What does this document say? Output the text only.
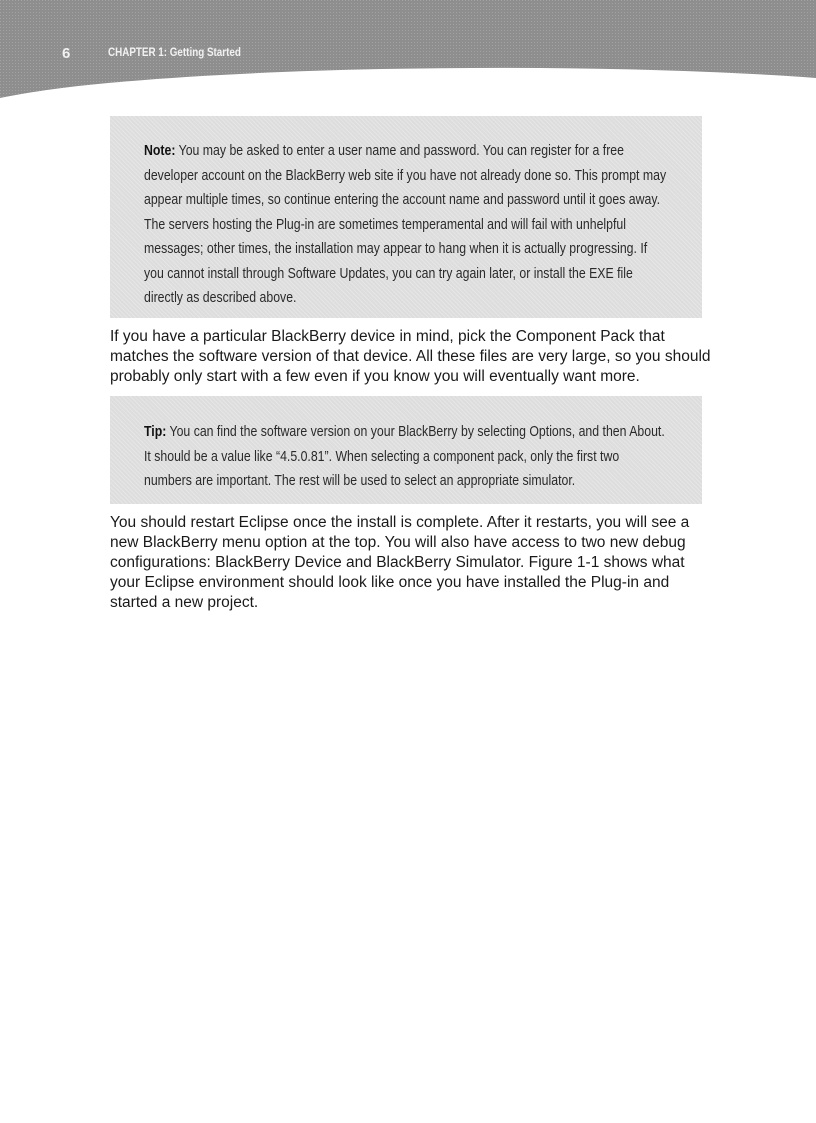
6	CHAPTER 1: Getting Started

Note: You may be asked to enter a user name and password. You can register for a free developer account on the BlackBerry web site if you have not already done so. This prompt may appear multiple times, so continue entering the account name and password until it goes away. The servers hosting the Plug-in are sometimes temperamental and will fail with unhelpful messages; other times, the installation may appear to hang when it is actually progressing. If you cannot install through Software Updates, you can try again later, or install the EXE file directly as described above.

If you have a particular BlackBerry device in mind, pick the Component Pack that matches the software version of that device. All these files are very large, so you should probably only start with a few even if you know you will eventually want more.

Tip: You can find the software version on your BlackBerry by selecting Options, and then About. It should be a value like “4.5.0.81”. When selecting a component pack, only the first two numbers are important. The rest will be used to select an appropriate simulator.

You should restart Eclipse once the install is complete. After it restarts, you will see a new BlackBerry menu option at the top. You will also have access to two new debug configurations: BlackBerry Device and BlackBerry Simulator. Figure 1-1 shows what your Eclipse environment should look like once you have installed the Plug-in and started a new project.
